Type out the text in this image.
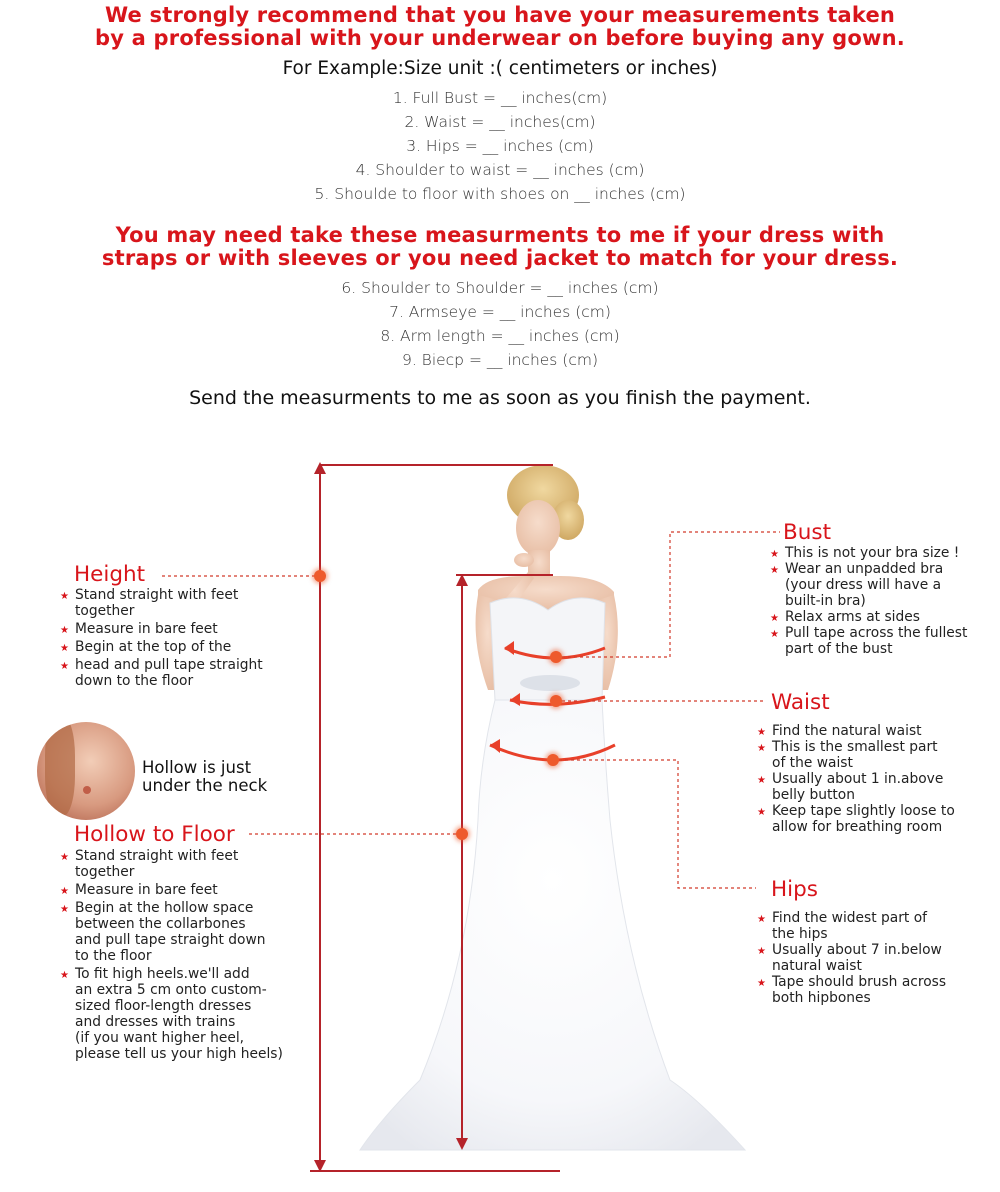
We strongly recommend that you have your measurements taken
by a professional with your underwear on before buying any gown.
For Example:Size unit :( centimeters or inches)
1. Full Bust = __ inches(cm)
2. Waist = __ inches(cm)
3. Hips = __ inches (cm)
4. Shoulder to waist = __ inches (cm)
5. Shoulde to floor with shoes on __ inches (cm)
You may need take these measurments to me if your dress with
straps or with sleeves or you need jacket to match for your dress.
6. Shoulder to Shoulder = __ inches (cm)
7. Armseye = __ inches (cm)
8. Arm length = __ inches (cm)
9. Biecp = __ inches (cm)
Send the measurments to me as soon as you finish the payment.
Hollow is just
under the neck
Height
★ Stand straight with feet
together
★ Measure in bare feet
★ Begin at the top of the
★ head and pull tape straight
down to the floor
Hollow to Floor
★ Stand straight with feet
together
★ Measure in bare feet
★ Begin at the hollow space
between the collarbones
and pull tape straight down
to the floor
★ To fit high heels.we'll add
an extra 5 cm onto custom-
sized floor-length dresses
and dresses with trains
(if you want higher heel,
please tell us your high heels)
Bust
★ This is not your bra size !
★ Wear an unpadded bra
(your dress will have a
built-in bra)
★ Relax arms at sides
★ Pull tape across the fullest
part of the bust
Waist
★ Find the natural waist
★ This is the smallest part
of the waist
★ Usually about 1 in.above
belly button
★ Keep tape slightly loose to
allow for breathing room
Hips
★ Find the widest part of
the hips
★ Usually about 7 in.below
natural waist
★ Tape should brush across
both hipbones
